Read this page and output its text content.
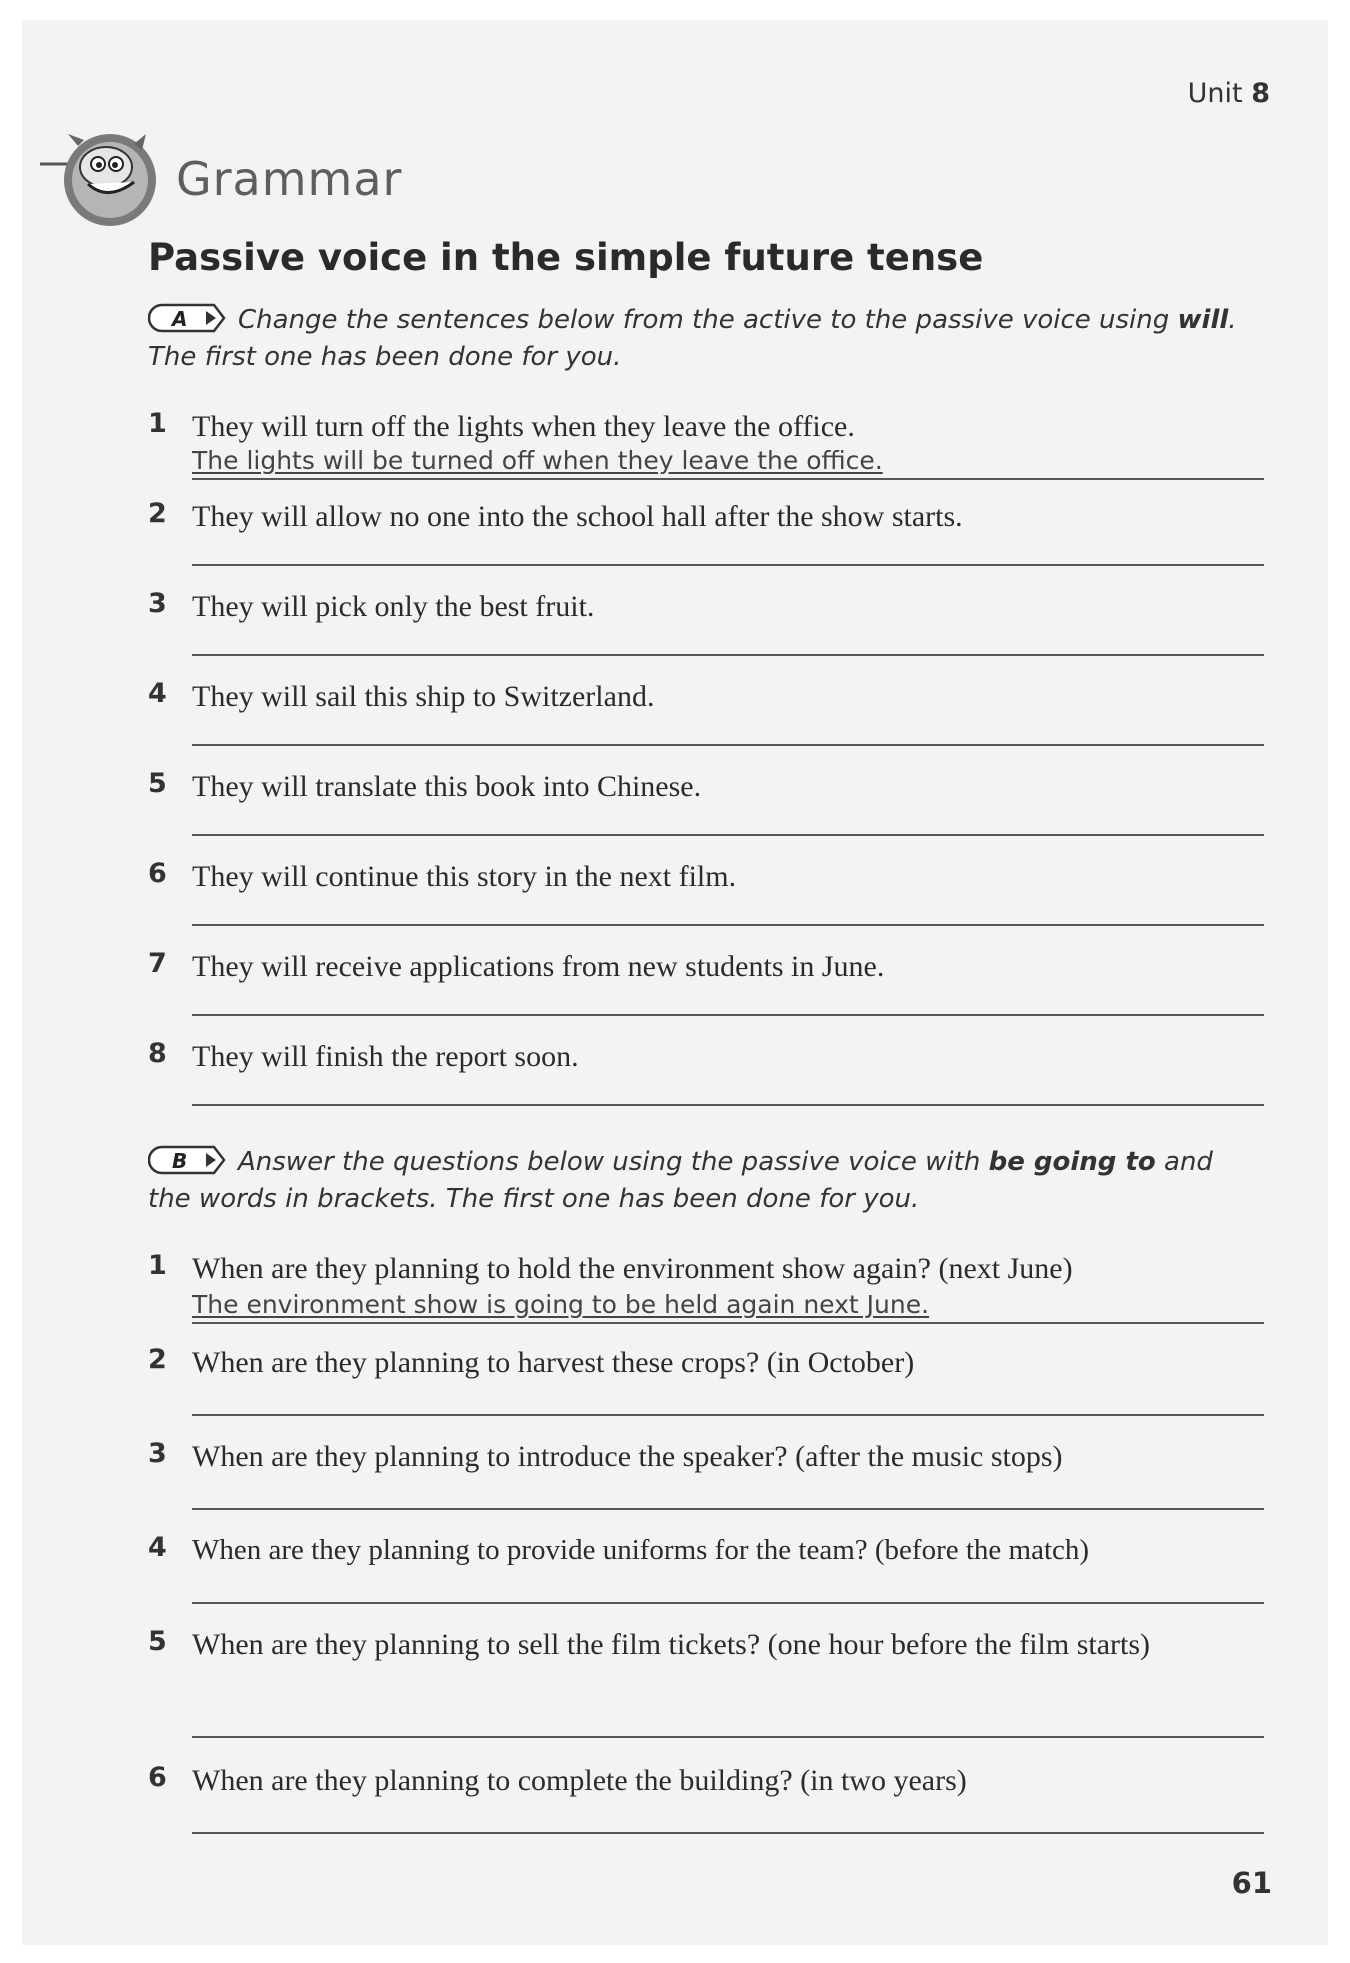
Unit 8
Grammar
Passive voice in the simple future tense
A Change the sentences below from the active to the passive voice using will. The first one has been done for you.
1 They will turn off the lights when they leave the office.
The lights will be turned off when they leave the office.
2 They will allow no one into the school hall after the show starts.
3 They will pick only the best fruit.
4 They will sail this ship to Switzerland.
5 They will translate this book into Chinese.
6 They will continue this story in the next film.
7 They will receive applications from new students in June.
8 They will finish the report soon.
B Answer the questions below using the passive voice with be going to and the words in brackets. The first one has been done for you.
1 When are they planning to hold the environment show again? (next June)
The environment show is going to be held again next June.
2 When are they planning to harvest these crops? (in October)
3 When are they planning to introduce the speaker? (after the music stops)
4 When are they planning to provide uniforms for the team? (before the match)
5 When are they planning to sell the film tickets? (one hour before the film starts)
6 When are they planning to complete the building? (in two years)
61
